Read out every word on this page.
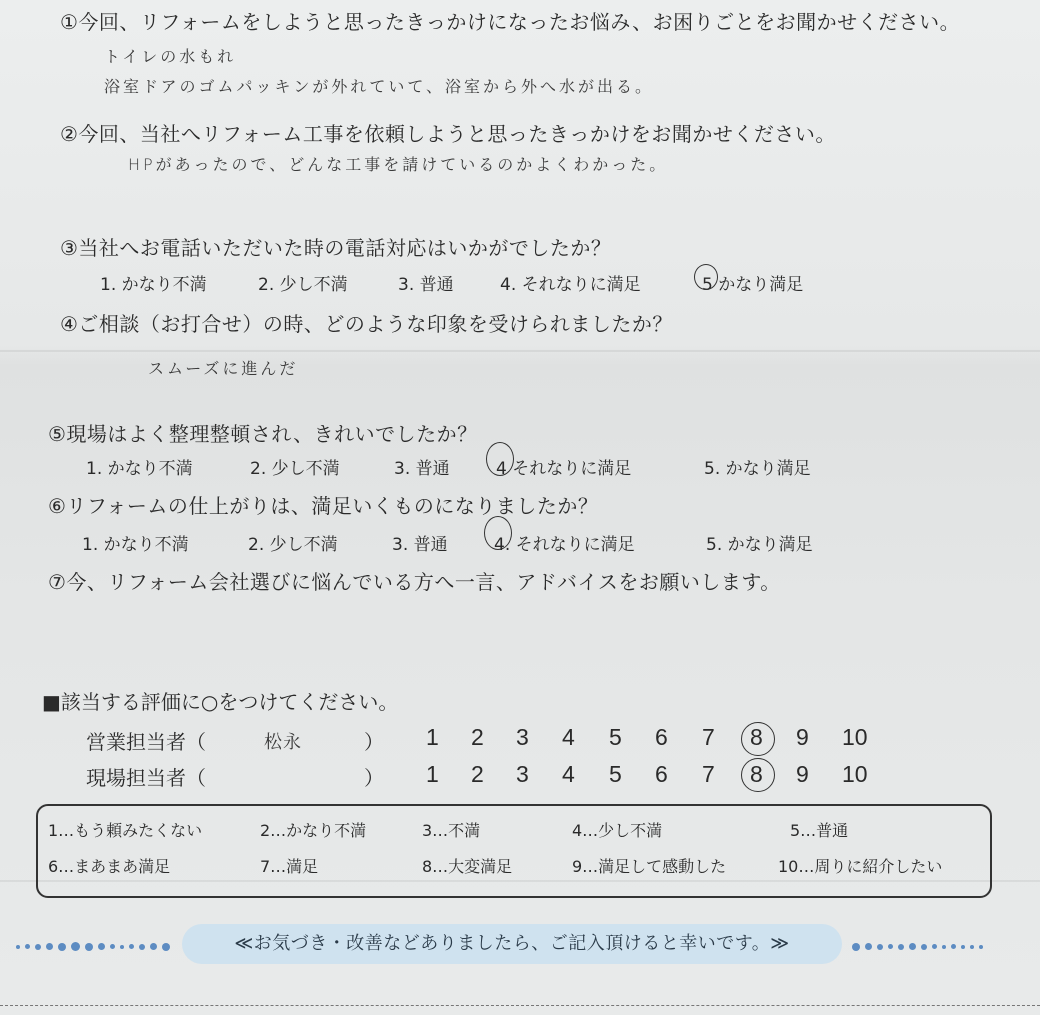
①今回、リフォームをしようと思ったきっかけになったお悩み、お困りごとをお聞かせください。
トイレの水もれ
浴室ドアのゴムパッキンが外れていて、浴室から外へ水が出る。
②今回、当社へリフォーム工事を依頼しようと思ったきっかけをお聞かせください。
HPがあったので、どんな工事を請けているのかよくわかった。
③当社へお電話いただいた時の電話対応はいかがでしたか？
1. かなり不満	2. 少し不満	3. 普通	4. それなりに満足	5 かなり満足
④ご相談（お打合せ）の時、どのような印象を受けられましたか？
スムーズに進んだ
⑤現場はよく整理整頓され、きれいでしたか？
1. かなり不満	2. 少し不満	3. 普通	4 それなりに満足	5. かなり満足
⑥リフォームの仕上がりは、満足いくものになりましたか？
1. かなり不満	2. 少し不満	3. 普通	4. それなりに満足	5. かなり満足
⑦今、リフォーム会社選びに悩んでいる方へ一言、アドバイスをお願いします。
■該当する評価に○をつけてください。
営業担当者（	松永	） 1 2 3 4 5 6 7 8 9 10
現場担当者（	） 1 2 3 4 5 6 7 8 9 10
1…もう頼みたくない	2…かなり不満	3…不満	4…少し不満	5…普通
6…まあまあ満足	7…満足	8…大変満足	9…満足して感動した	10…周りに紹介したい
≪お気づき・改善などありましたら、ご記入頂けると幸いです。≫
